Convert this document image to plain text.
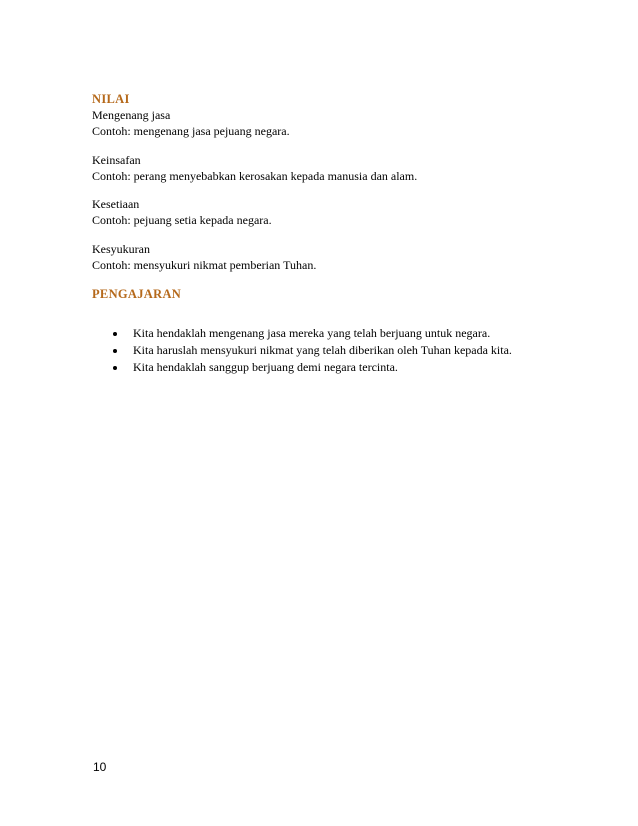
NILAI
Mengenang jasa
Contoh: mengenang jasa pejuang negara.
Keinsafan
Contoh: perang menyebabkan kerosakan kepada manusia dan alam.
Kesetiaan
Contoh: pejuang setia kepada negara.
Kesyukuran
Contoh: mensyukuri nikmat pemberian Tuhan.
PENGAJARAN
Kita hendaklah mengenang jasa mereka yang telah berjuang untuk negara.
Kita haruslah mensyukuri nikmat yang telah diberikan oleh Tuhan kepada kita.
Kita hendaklah sanggup berjuang demi negara tercinta.
10
